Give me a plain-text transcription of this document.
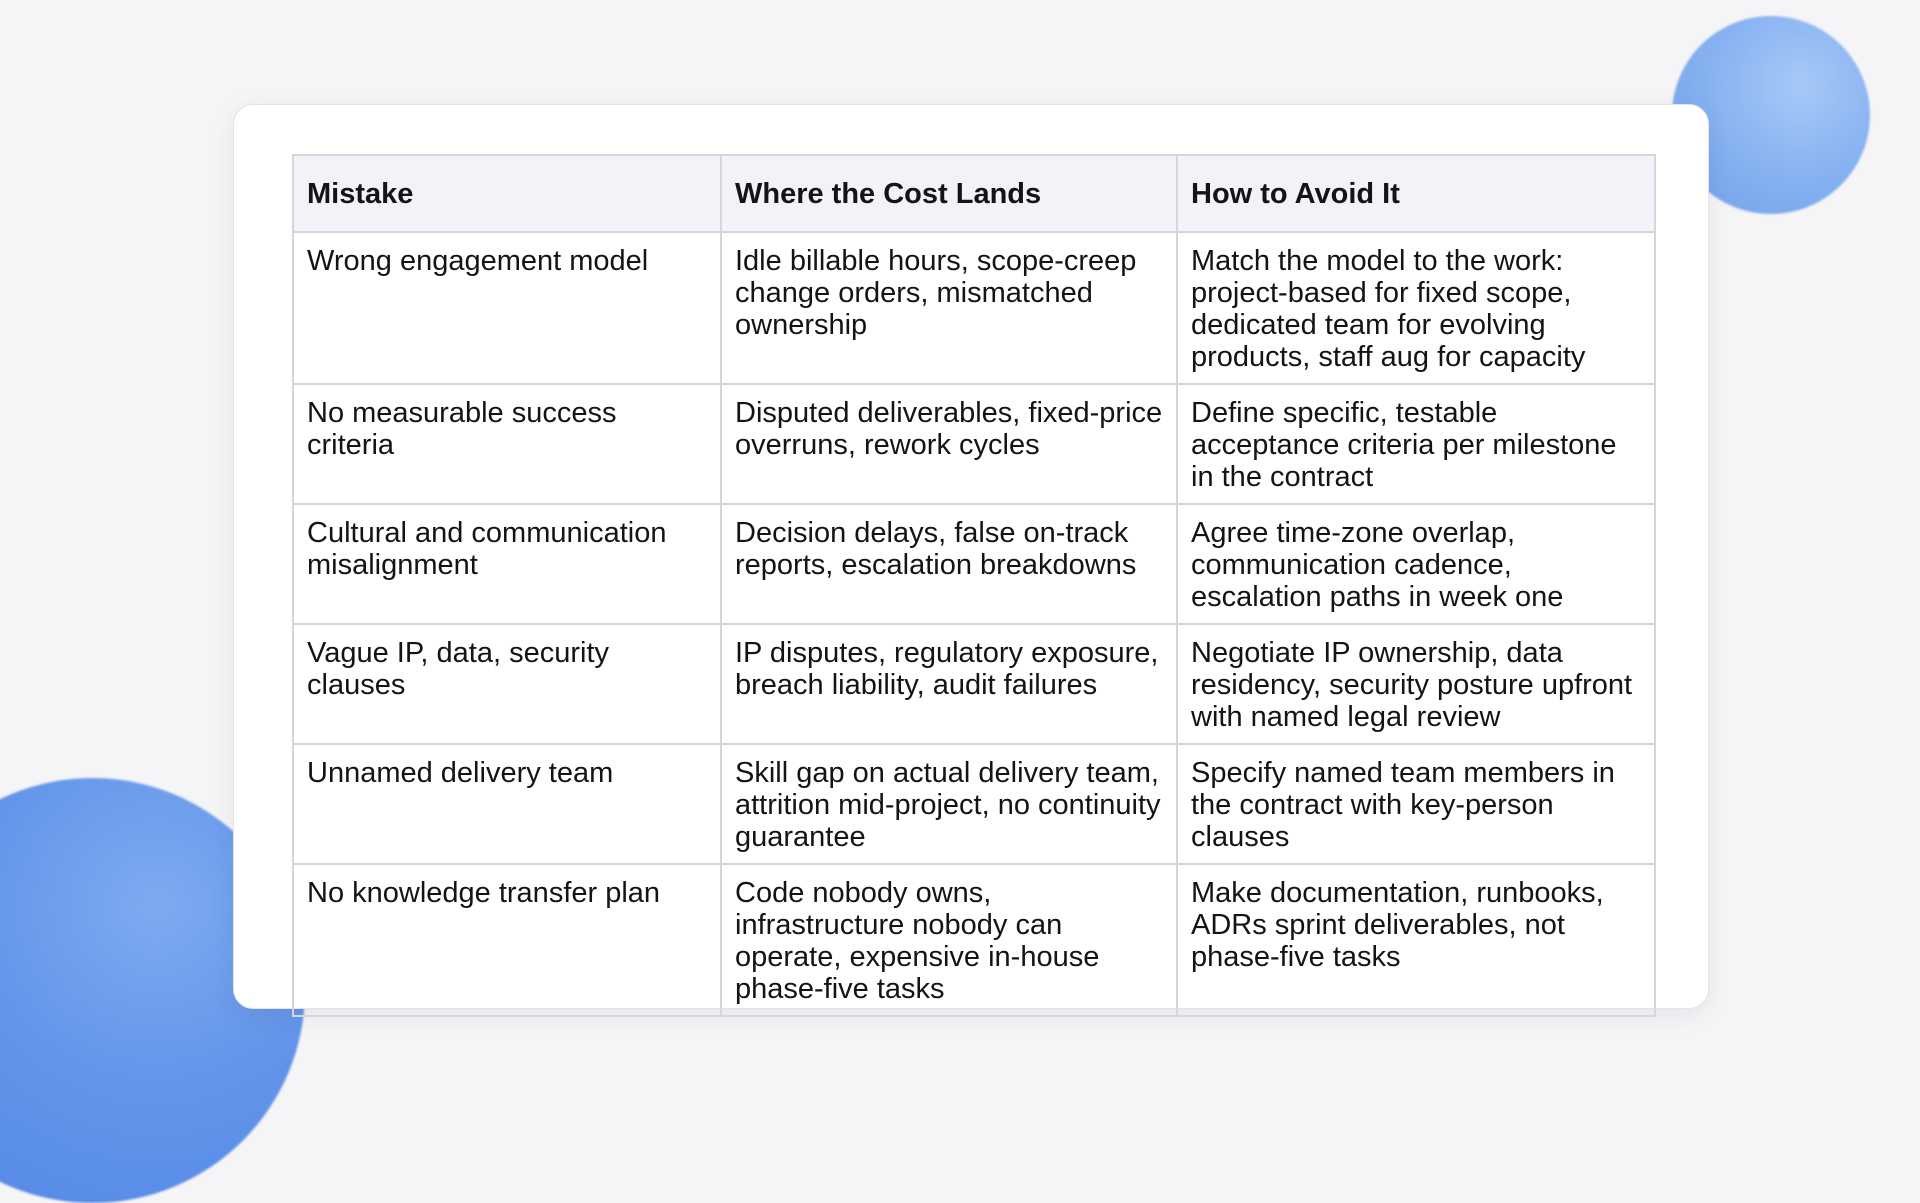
Mistake	Where the Cost Lands	How to Avoid It
Wrong engagement model	Idle billable hours, scope-creep change orders, mismatched ownership	Match the model to the work: project-based for fixed scope, dedicated team for evolving products, staff aug for capacity
No measurable success criteria	Disputed deliverables, fixed-price overruns, rework cycles	Define specific, testable acceptance criteria per milestone in the contract
Cultural and communication misalignment	Decision delays, false on-track reports, escalation breakdowns	Agree time-zone overlap, communication cadence, escalation paths in week one
Vague IP, data, security clauses	IP disputes, regulatory exposure, breach liability, audit failures	Negotiate IP ownership, data residency, security posture upfront with named legal review
Unnamed delivery team	Skill gap on actual delivery team, attrition mid-project, no continuity guarantee	Specify named team members in the contract with key-person clauses
No knowledge transfer plan	Code nobody owns, infrastructure nobody can operate, expensive in-house phase-five tasks	Make documentation, runbooks, ADRs sprint deliverables, not phase-five tasks
